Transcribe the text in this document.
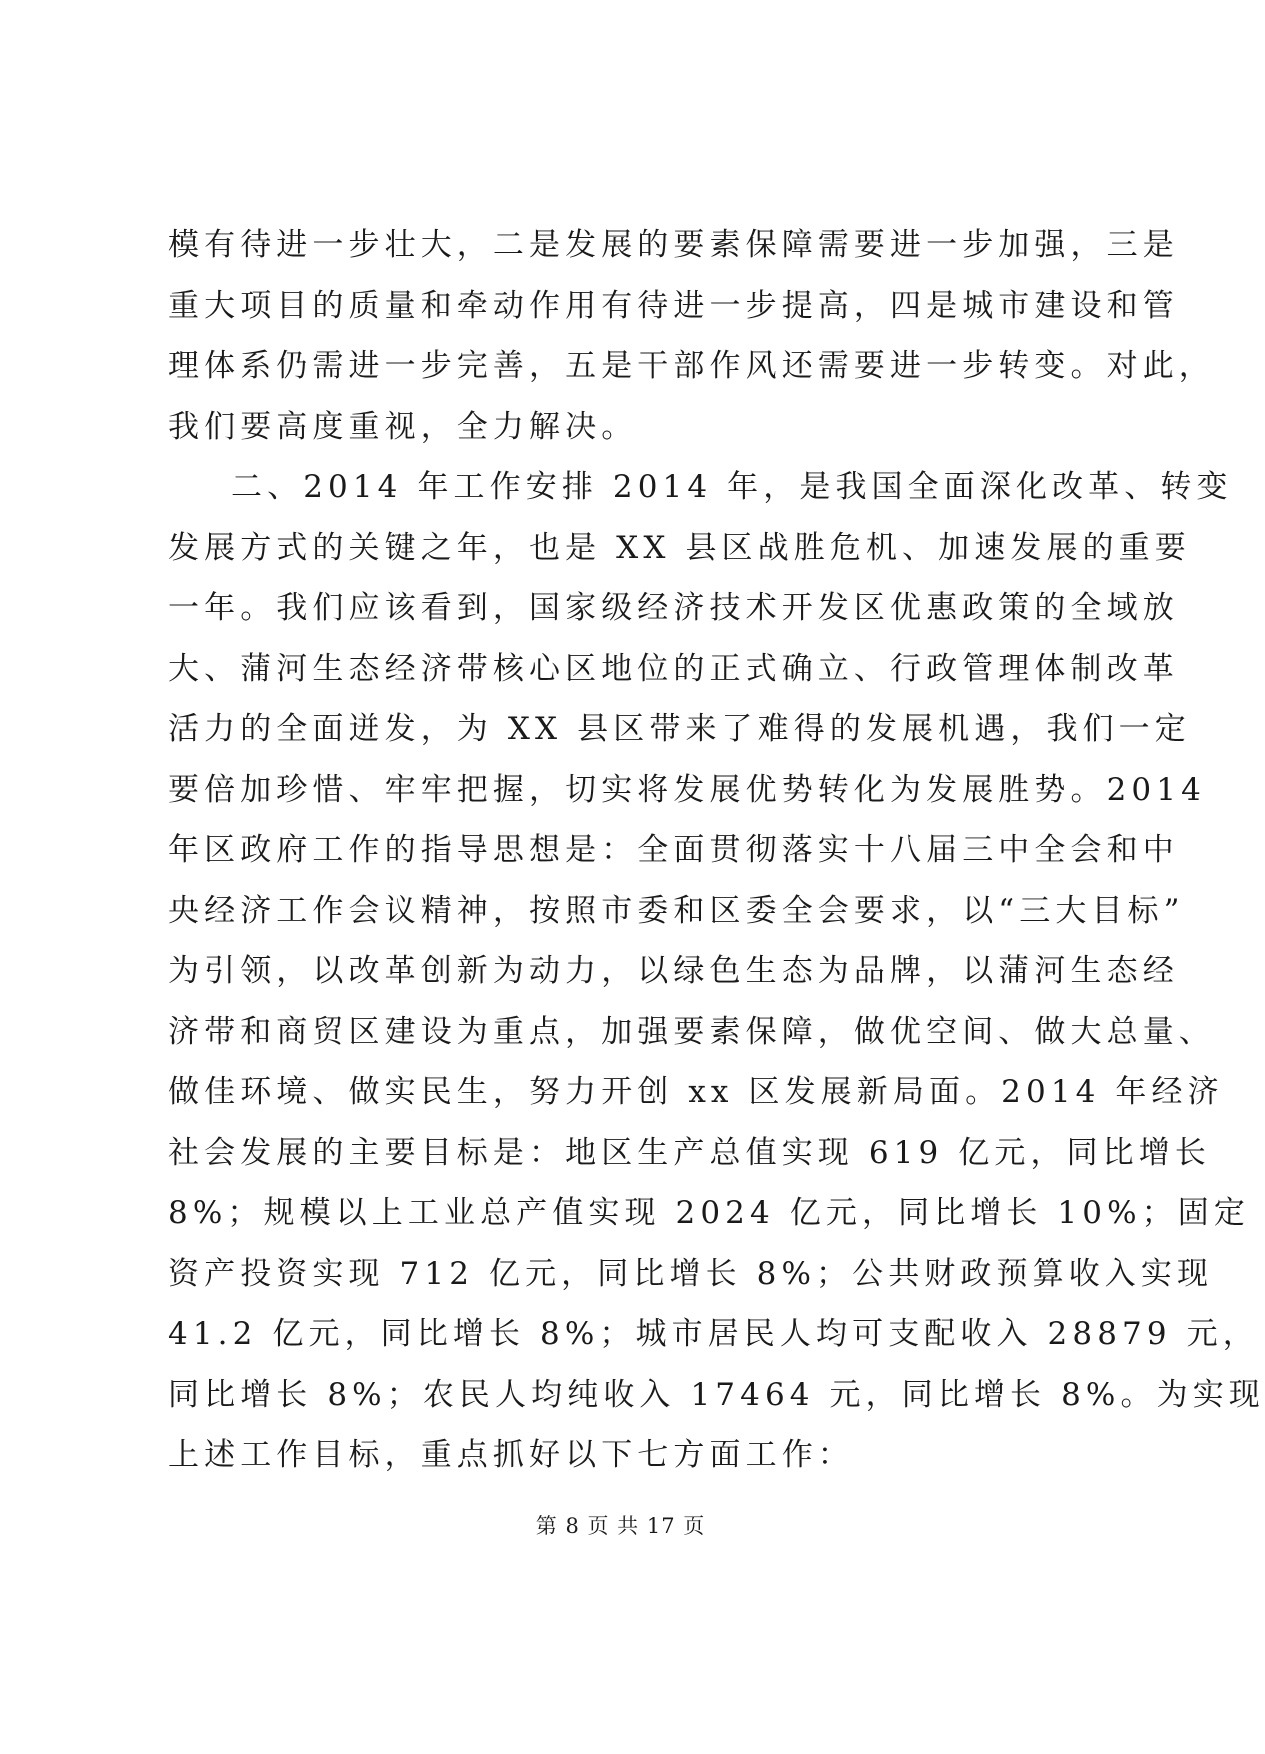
模有待进一步壮大，二是发展的要素保障需要进一步加强，三是
重大项目的质量和牵动作用有待进一步提高，四是城市建设和管
理体系仍需进一步完善，五是干部作风还需要进一步转变。对此，
我们要高度重视，全力解决。
二、2014 年工作安排 2014 年，是我国全面深化改革、转变
发展方式的关键之年，也是 XX 县区战胜危机、加速发展的重要
一年。我们应该看到，国家级经济技术开发区优惠政策的全域放
大、蒲河生态经济带核心区地位的正式确立、行政管理体制改革
活力的全面迸发，为 XX 县区带来了难得的发展机遇，我们一定
要倍加珍惜、牢牢把握，切实将发展优势转化为发展胜势。2014
年区政府工作的指导思想是：全面贯彻落实十八届三中全会和中
央经济工作会议精神，按照市委和区委全会要求，以“三大目标”
为引领，以改革创新为动力，以绿色生态为品牌，以蒲河生态经
济带和商贸区建设为重点，加强要素保障，做优空间、做大总量、
做佳环境、做实民生，努力开创 xx 区发展新局面。2014 年经济
社会发展的主要目标是：地区生产总值实现 619 亿元，同比增长
8%；规模以上工业总产值实现 2024 亿元，同比增长 10%；固定
资产投资实现 712 亿元，同比增长 8%；公共财政预算收入实现
41.2 亿元，同比增长 8%；城市居民人均可支配收入 28879 元，
同比增长 8%；农民人均纯收入 17464 元，同比增长 8%。为实现
上述工作目标，重点抓好以下七方面工作：
第 8 页 共 17 页
